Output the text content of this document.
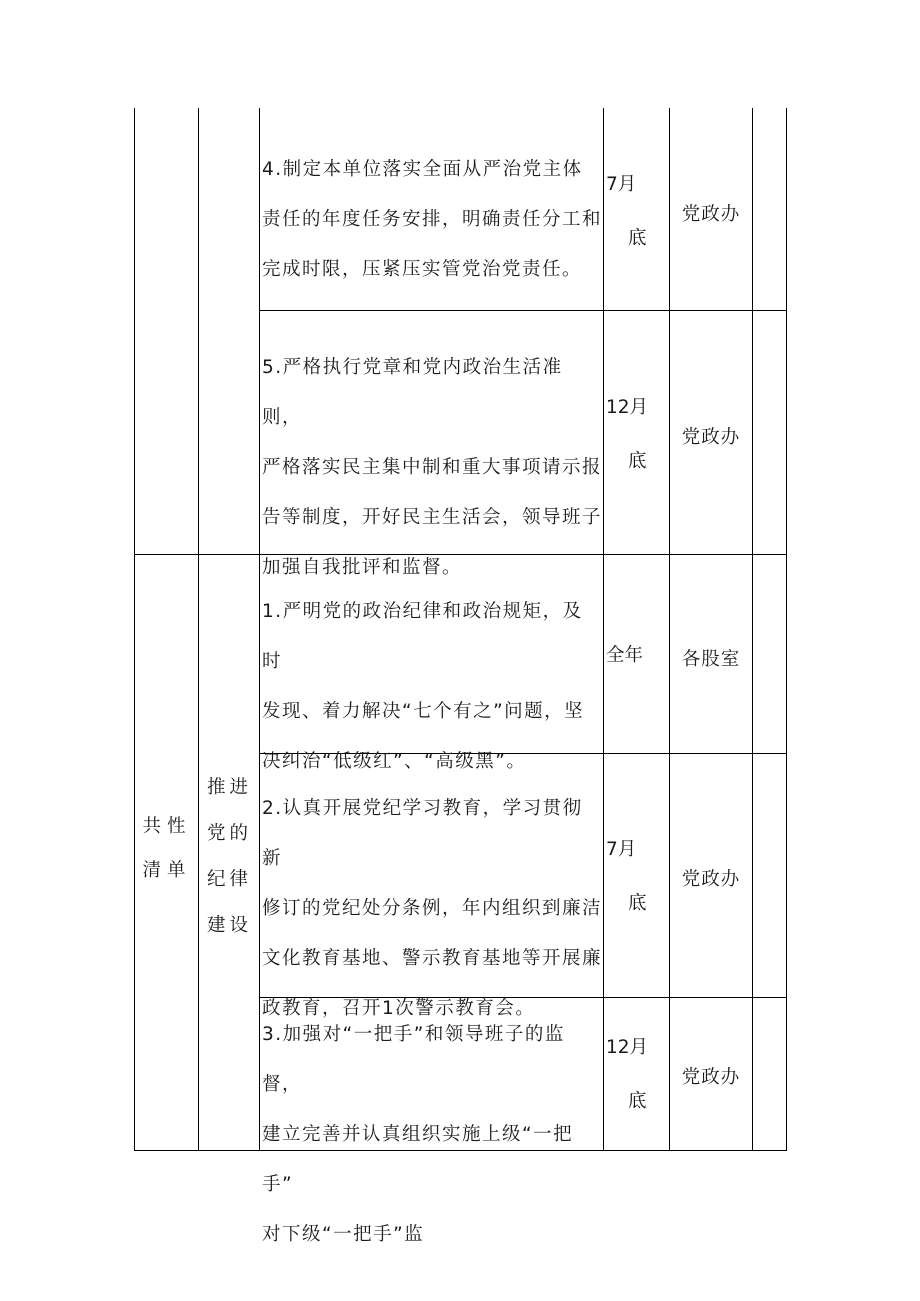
共性
清单
推进
党的
纪律
建设
4.制定本单位落实全面从严治党主体
责任的年度任务安排，明确责任分工和
完成时限，压紧压实管党治党责任。
7月
底
党政办
5.严格执行党章和党内政治生活准则，
严格落实民主集中制和重大事项请示报
告等制度，开好民主生活会，领导班子
加强自我批评和监督。
12月
底
党政办
1.严明党的政治纪律和政治规矩，及时
发现、着力解决“七个有之”问题，坚
决纠治“低级红”、“高级黑”。
全年	各股室
2.认真开展党纪学习教育，学习贯彻新
修订的党纪处分条例，年内组织到廉洁
文化教育基地、警示教育基地等开展廉
政教育，召开1次警示教育会。
7月
底
党政办
3.加强对“一把手”和领导班子的监督，
建立完善并认真组织实施上级“一把手”
对下级“一把手”监
12月
底
党政办
